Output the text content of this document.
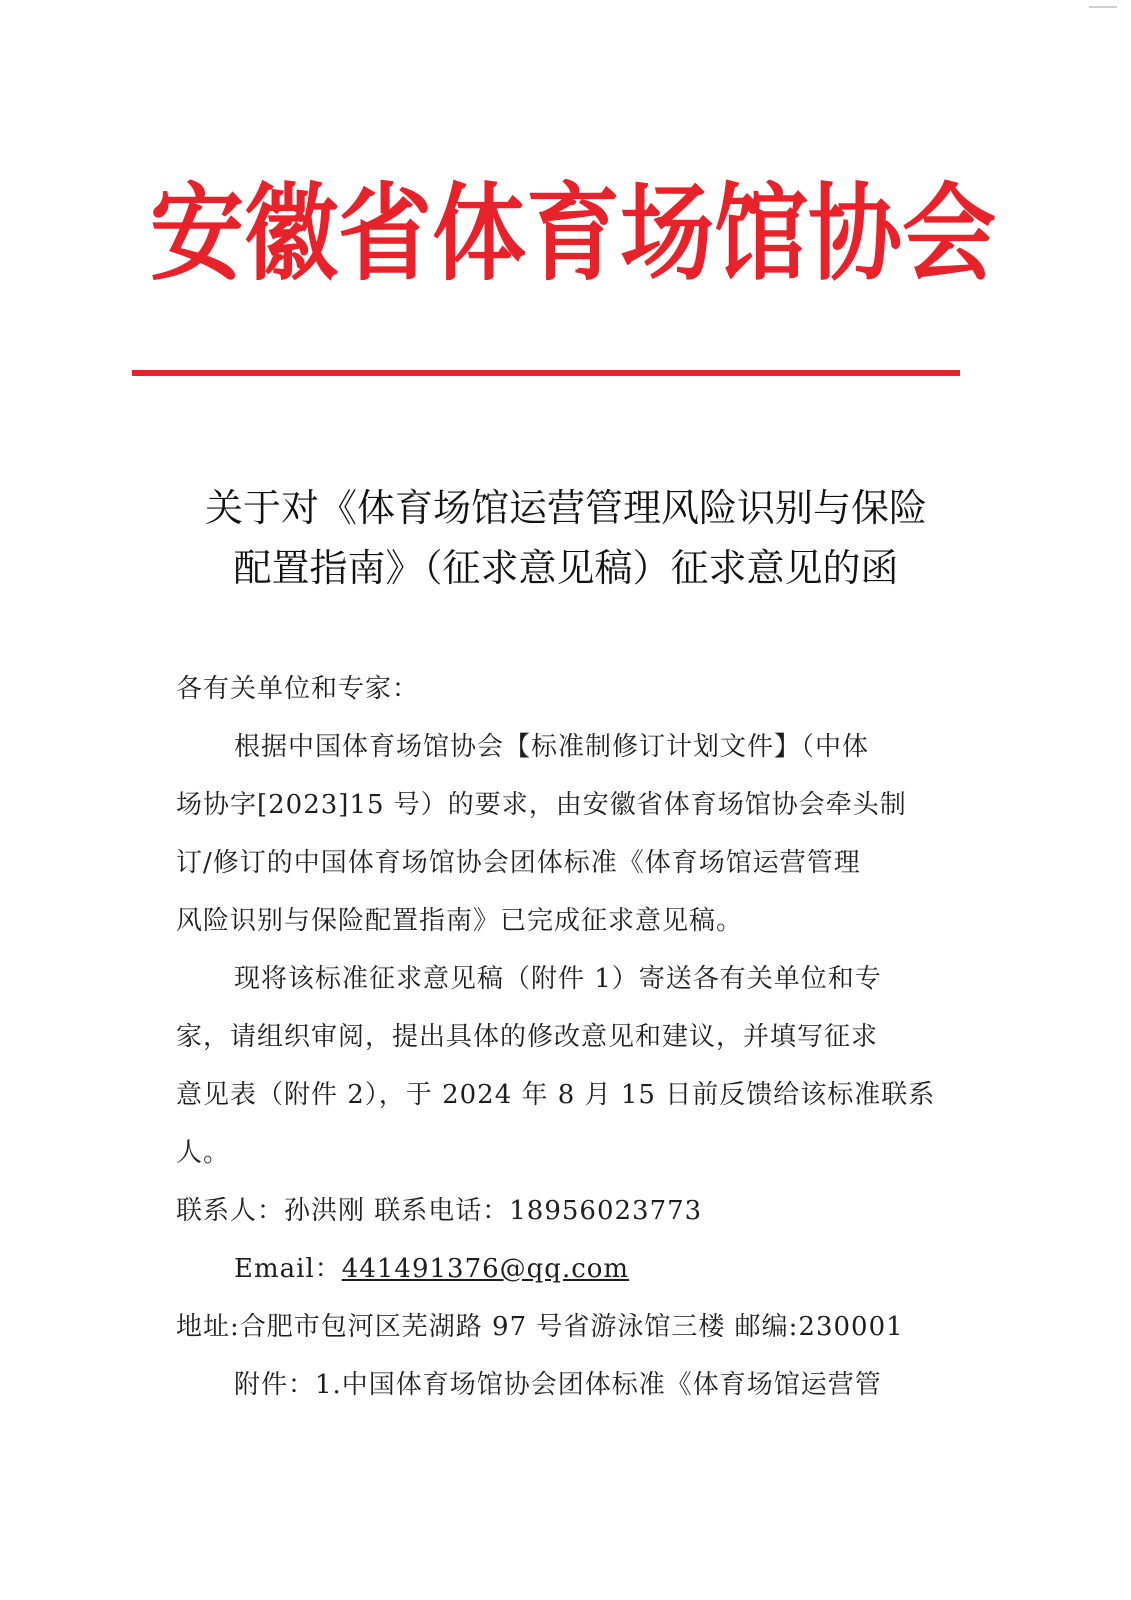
安徽省体育场馆协会
关于对《体育场馆运营管理风险识别与保险
配置指南》（征求意见稿）征求意见的函
各有关单位和专家：
根据中国体育场馆协会【标准制修订计划文件】（中体
场协字[2023]15 号）的要求，由安徽省体育场馆协会牵头制
订/修订的中国体育场馆协会团体标准《体育场馆运营管理
风险识别与保险配置指南》已完成征求意见稿。
现将该标准征求意见稿（附件 1）寄送各有关单位和专
家，请组织审阅，提出具体的修改意见和建议，并填写征求
意见表（附件 2），于 2024 年 8 月 15 日前反馈给该标准联系
人。
联系人：孙洪刚 联系电话：18956023773
Email：441491376@qq.com
地址:合肥市包河区芜湖路 97 号省游泳馆三楼 邮编:230001
附件：1.中国体育场馆协会团体标准《体育场馆运营管
